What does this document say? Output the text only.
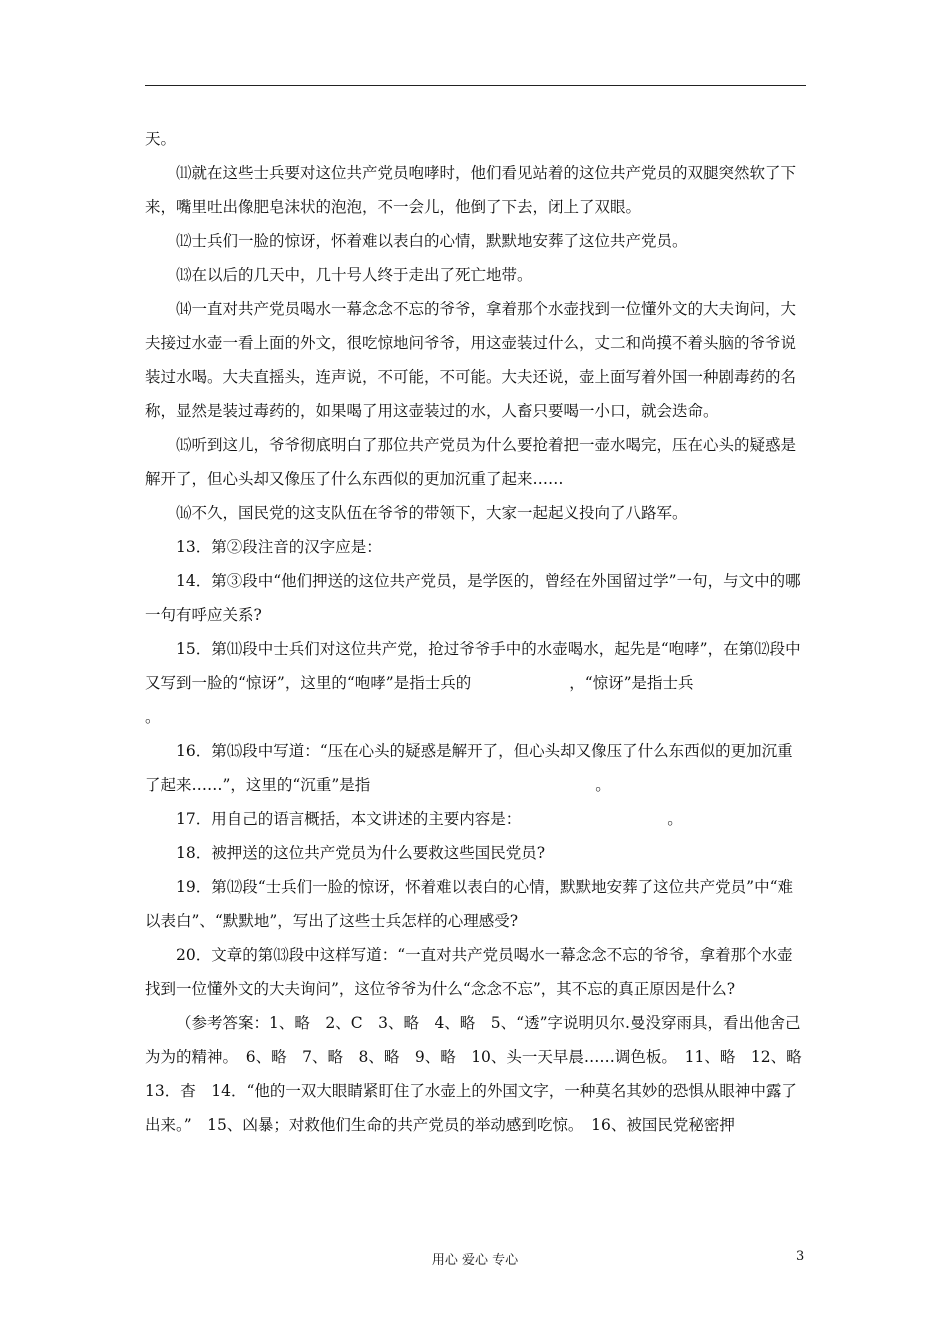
天。

⑾就在这些士兵要对这位共产党员咆哮时，他们看见站着的这位共产党员的双腿突然软了下来，嘴里吐出像肥皂沫状的泡泡，不一会儿，他倒了下去，闭上了双眼。

⑿士兵们一脸的惊讶，怀着难以表白的心情，默默地安葬了这位共产党员。

⒀在以后的几天中，几十号人终于走出了死亡地带。

⒁一直对共产党员喝水一幕念念不忘的爷爷，拿着那个水壶找到一位懂外文的大夫询问，大夫接过水壶一看上面的外文，很吃惊地问爷爷，用这壶装过什么，丈二和尚摸不着头脑的爷爷说装过水喝。大夫直摇头，连声说，不可能，不可能。大夫还说，壶上面写着外国一种剧毒药的名称，显然是装过毒药的，如果喝了用这壶装过的水，人畜只要喝一小口，就会迭命。

⒂听到这儿，爷爷彻底明白了那位共产党员为什么要抢着把一壶水喝完，压在心头的疑惑是解开了，但心头却又像压了什么东西似的更加沉重了起来……

⒃不久，国民党的这支队伍在爷爷的带领下，大家一起起义投向了八路军。

13．第②段注音的汉字应是：

14．第③段中“他们押送的这位共产党员，是学医的，曾经在外国留过学”一句，与文中的哪一句有呼应关系?

15．第⑾段中士兵们对这位共产党，抢过爷爷手中的水壶喝水，起先是“咆哮”，在第⑿段中又写到一脸的“惊讶”，这里的“咆哮”是指士兵的	，“惊讶”是指士兵
。

16．第⒂段中写道：“压在心头的疑惑是解开了，但心头却又像压了什么东西似的更加沉重了起来……”，这里的“沉重”是指	。

17．用自己的语言概括，本文讲述的主要内容是：	。

18．被押送的这位共产党员为什么要救这些国民党员?

19．第⑿段“士兵们一脸的惊讶，怀着难以表白的心情，默默地安葬了这位共产党员”中“难以表白”、“默默地”，写出了这些士兵怎样的心理感受?

20．文章的第⒀段中这样写道：“一直对共产党员喝水一幕念念不忘的爷爷，拿着那个水壶找到一位懂外文的大夫询问”，这位爷爷为什么“念念不忘”，其不忘的真正原因是什么?

（参考答案：1、略　2、C　3、略　4、略　5、“透”字说明贝尔.曼没穿雨具，看出他舍己为为的精神。　6、略　7、略　8、略　9、略　10、头一天早晨……调色板。　11、略　12、略　13．杳　14．“他的一双大眼睛紧盯住了水壶上的外国文字，一种莫名其妙的恐惧从眼神中露了出来。”　15、凶暴；对救他们生命的共产党员的举动感到吃惊。　16、被国民党秘密押

用心 爱心 专心	3
